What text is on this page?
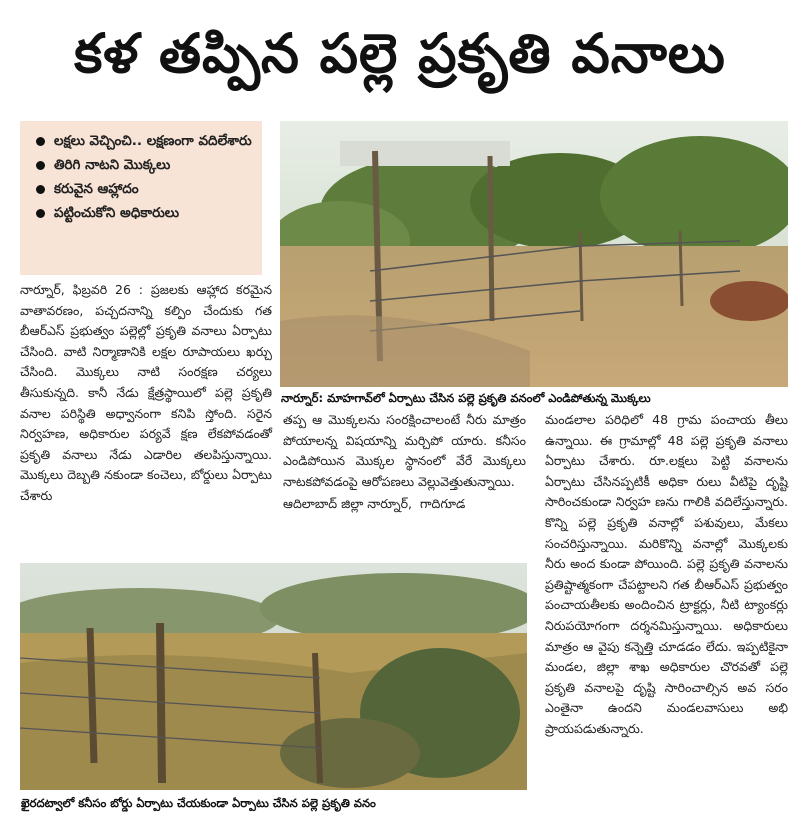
కళ తప్పిన పల్లె ప్రకృతి వనాలు
లక్షలు వెచ్చించి.. లక్షణంగా వదిలేశారు
తిరిగి నాటని మొక్కలు
కరువైన ఆహ్లాదం
పట్టించుకోని అధికారులు
నార్నూర్: మాహగావ్‌లో ఏర్పాటు చేసిన పల్లె ప్రకృతి వనంలో ఎండిపోతున్న మొక్కలు

నార్నూర్, ఫిబ్రవరి 26 : ప్రజలకు ఆహ్లాద కరమైన వాతావరణం, పచ్చదనాన్ని కల్పిం చేందుకు గత బీఆర్ఎస్ ప్రభుత్వం పల్లెల్లో ప్రకృతి వనాలు ఏర్పాటు చేసింది. వాటి నిర్మాణానికి లక్షల రూపాయలు ఖర్చు చేసింది. మొక్కలు నాటి సంరక్షణ చర్యలు తీసుకున్నది. కానీ నేడు క్షేత్రస్థాయిలో పల్లె ప్రకృతి వనాల పరిస్థితి అధ్వానంగా కనిపి స్తోంది. సరైన నిర్వహణ, అధికారుల పర్యవే క్షణ లేకపోవడంతో ప్రకృతి వనాలు నేడు ఎడారిల తలపిస్తున్నాయి. మొక్కలు దెబ్బతి నకుండా కంచెలు, బోర్డులు ఏర్పాటు చేశారు

తప్ప ఆ మొక్కలను సంరక్షించాలంటే నీరు మాత్రం పోయాలన్న విషయాన్ని మర్చిపో యారు. కనీసం ఎండిపోయిన మొక్కల స్థానంలో వేరే మొక్కలు నాటకపోవడంపై ఆరోపణలు వెల్లువెత్తుతున్నాయి.

ఆదిలాబాద్ జిల్లా నార్నూర్, గాదిగూడ

మండలాల పరిధిలో 48 గ్రామ పంచాయ తీలు ఉన్నాయి. ఈ గ్రామాల్లో 48 పల్లె ప్రకృతి వనాలు ఏర్పాటు చేశారు. రూ.లక్షలు పెట్టి వనాలను ఏర్పాటు చేసినప్పటికీ అధికా రులు వీటిపై దృష్టి సారించకుండా నిర్వహ ణను గాలికి వదిలేస్తున్నారు. కొన్ని పల్లె ప్రకృతి వనాల్లో పశువులు, మేకలు సంచరిస్తున్నాయి. మరికొన్ని వనాల్లో మొక్కలకు నీరు అంద కుండా పోయింది. పల్లె ప్రకృతి వనాలను ప్రతిష్టాత్మకంగా చేపట్టాలని గత బీఆర్ఎస్ ప్రభుత్వం పంచాయతీలకు అందించిన ట్రాక్టర్లు, నీటి ట్యాంకర్లు నిరుపయోగంగా దర్శనమిస్తున్నాయి. అధికారులు మాత్రం ఆ వైపు కన్నెత్తి చూడడం లేదు. ఇప్పటికైనా మండల, జిల్లా శాఖ అధికారుల చొరవతో పల్లె ప్రకృతి వనాలపై దృష్టి సారించాల్సిన అవ సరం ఎంతైనా ఉందని మండలవాసులు అభి ప్రాయపడుతున్నారు.

ఖైరదట్వాలో కనీసం బోర్డు ఏర్పాటు చేయకుండా ఏర్పాటు చేసిన పల్లె ప్రకృతి వనం
